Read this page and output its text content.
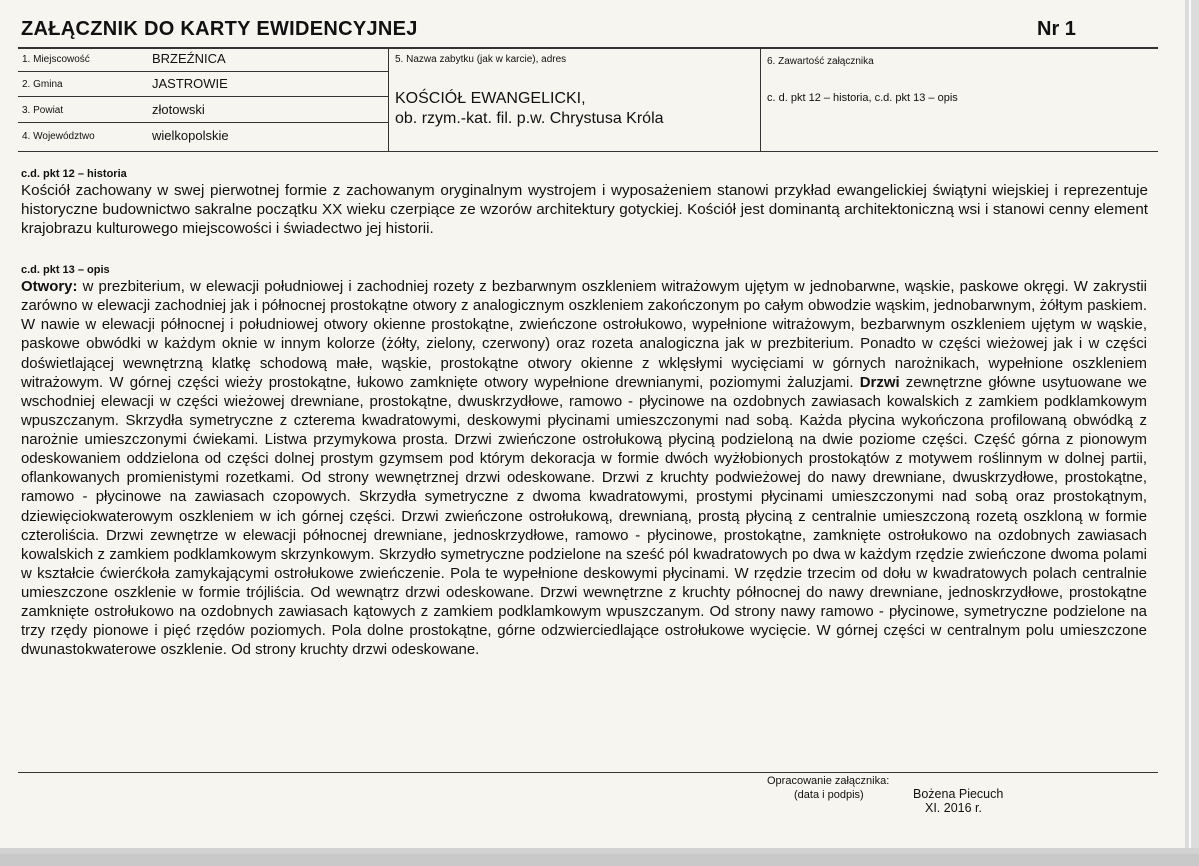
ZAŁĄCZNIK DO KARTY EWIDENCYJNEJ	Nr 1
1. Miejscowość	BRZEŹNICA
2. Gmina	JASTROWIE
3. Powiat	złotowski
4. Województwo	wielkopolskie
5. Nazwa zabytku (jak w karcie), adres
KOŚCIÓŁ EWANGELICKI,
ob. rzym.-kat. fil. p.w. Chrystusa Króla
6. Zawartość załącznika
c. d. pkt 12 – historia, c.d. pkt 13 – opis
c.d. pkt 12 – historia

Kościół zachowany w swej pierwotnej formie z zachowanym oryginalnym wystrojem i wyposażeniem stanowi przykład ewangelickiej świątyni wiejskiej i reprezentuje historyczne budownictwo sakralne początku XX wieku czerpiące ze wzorów architektury gotyckiej. Kościół jest dominantą architektoniczną wsi i stanowi cenny element krajobrazu kulturowego miejscowości i świadectwo jej historii.

c.d. pkt 13 – opis

Otwory: w prezbiterium, w elewacji południowej i zachodniej rozety z bezbarwnym oszkleniem witrażowym ujętym w jednobarwne, wąskie, paskowe okręgi. W zakrystii zarówno w elewacji zachodniej jak i północnej prostokątne otwory z analogicznym oszkleniem zakończonym po całym obwodzie wąskim, jednobarwnym, żółtym paskiem. W nawie w elewacji północnej i południowej otwory okienne prostokątne, zwieńczone ostrołukowo, wypełnione witrażowym, bezbarwnym oszkleniem ujętym w wąskie, paskowe obwódki w każdym oknie w innym kolorze (żółty, zielony, czerwony) oraz rozeta analogiczna jak w prezbiterium. Ponadto w części wieżowej jak i w części doświetlającej wewnętrzną klatkę schodową małe, wąskie, prostokątne otwory okienne z wklęsłymi wycięciami w górnych narożnikach, wypełnione oszkleniem witrażowym. W górnej części wieży prostokątne, łukowo zamknięte otwory wypełnione drewnianymi, poziomymi żaluzjami. Drzwi zewnętrzne główne usytuowane we wschodniej elewacji w części wieżowej drewniane, prostokątne, dwuskrzydłowe, ramowo - płycinowe na ozdobnych zawiasach kowalskich z zamkiem podklamkowym wpuszczanym. Skrzydła symetryczne z czterema kwadratowymi, deskowymi płycinami umieszczonymi nad sobą. Każda płycina wykończona profilowaną obwódką z narożnie umieszczonymi ćwiekami. Listwa przymykowa prosta. Drzwi zwieńczone ostrołukową płyciną podzieloną na dwie poziome części. Część górna z pionowym odeskowaniem oddzielona od części dolnej prostym gzymsem pod którym dekoracja w formie dwóch wyżłobionych prostokątów z motywem roślinnym w dolnej partii, oflankowanych promienistymi rozetkami. Od strony wewnętrznej drzwi odeskowane. Drzwi z kruchty podwieżowej do nawy drewniane, dwuskrzydłowe, prostokątne, ramowo - płycinowe na zawiasach czopowych. Skrzydła symetryczne z dwoma kwadratowymi, prostymi płycinami umieszczonymi nad sobą oraz prostokątnym, dziewięciokwaterowym oszkleniem w ich górnej części. Drzwi zwieńczone ostrołukową, drewnianą, prostą płyciną z centralnie umieszczoną rozetą oszkloną w formie czteroliścia. Drzwi zewnętrze w elewacji północnej drewniane, jednoskrzydłowe, ramowo - płycinowe, prostokątne, zamknięte ostrołukowo na ozdobnych zawiasach kowalskich z zamkiem podklamkowym skrzynkowym. Skrzydło symetryczne podzielone na sześć pól kwadratowych po dwa w każdym rzędzie zwieńczone dwoma polami w kształcie ćwierćkoła zamykającymi ostrołukowe zwieńczenie. Pola te wypełnione deskowymi płycinami. W rzędzie trzecim od dołu w kwadratowych polach centralnie umieszczone oszklenie w formie trójliścia. Od wewnątrz drzwi odeskowane. Drzwi wewnętrzne z kruchty północnej do nawy drewniane, jednoskrzydłowe, prostokątne zamknięte ostrołukowo na ozdobnych zawiasach kątowych z zamkiem podklamkowym wpuszczanym. Od strony nawy ramowo - płycinowe, symetryczne podzielone na trzy rzędy pionowe i pięć rzędów poziomych. Pola dolne prostokątne, górne odzwierciedlające ostrołukowe wycięcie. W górnej części w centralnym polu umieszczone dwunastokwaterowe oszklenie. Od strony kruchty drzwi odeskowane.

Opracowanie załącznika:
(data i podpis)	Bożena Piecuch
XI. 2016 r.
